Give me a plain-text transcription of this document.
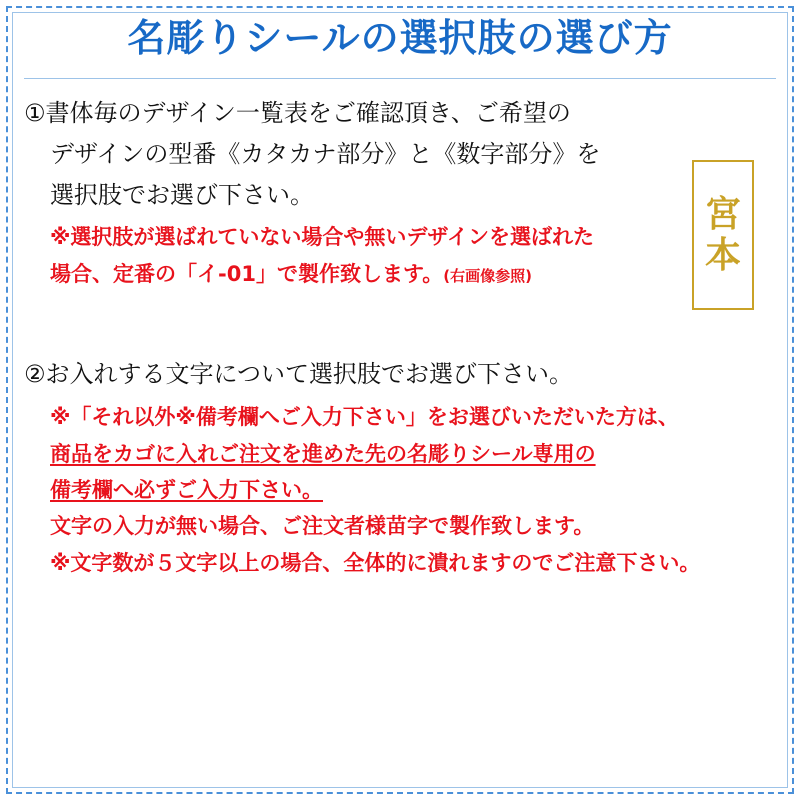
名彫りシールの選択肢の選び方
宮
本
①書体毎のデザイン一覧表をご確認頂き、ご希望の
デザインの型番《カタカナ部分》と《数字部分》を
選択肢でお選び下さい。
※選択肢が選ばれていない場合や無いデザインを選ばれた
場合、定番の「イ-01」で製作致します。(右画像参照)
②お入れする文字について選択肢でお選び下さい。
※「それ以外※備考欄へご入力下さい」をお選びいただいた方は、
商品をカゴに入れご注文を進めた先の名彫りシール専用の
備考欄へ必ずご入力下さい。
文字の入力が無い場合、ご注文者様苗字で製作致します。
※文字数が５文字以上の場合、全体的に潰れますのでご注意下さい。
